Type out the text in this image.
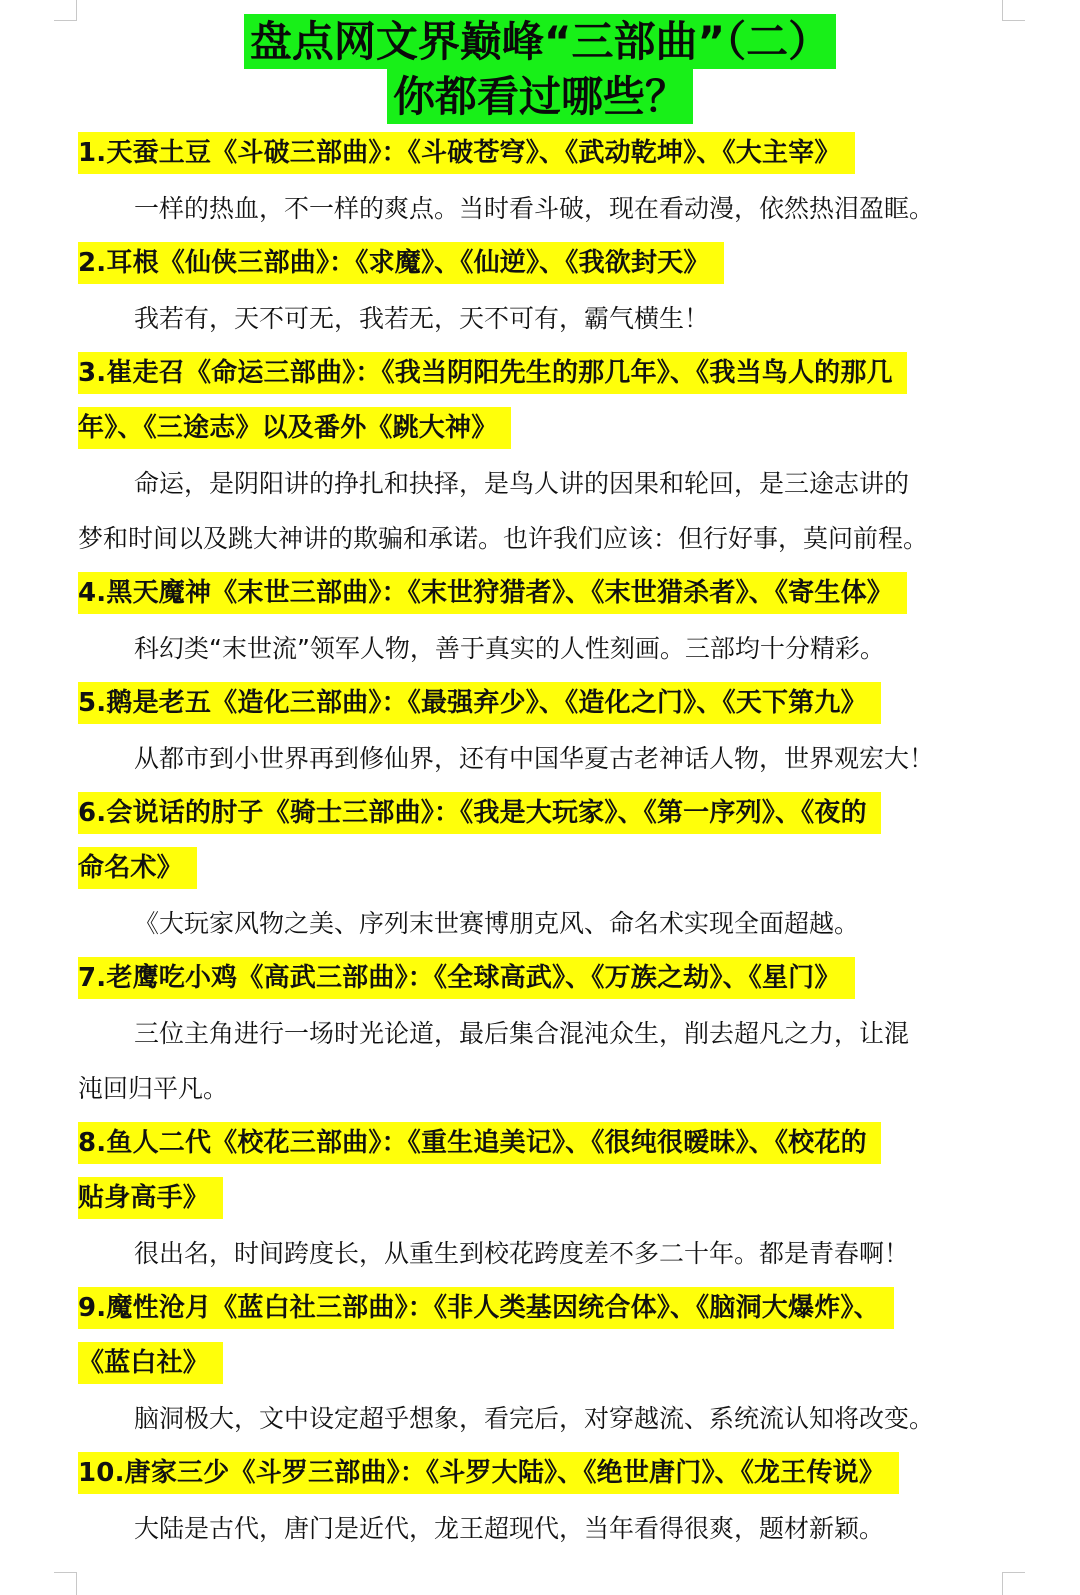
盘点网文界巅峰“三部曲”（二）
你都看过哪些？
1.天蚕土豆《斗破三部曲》：《斗破苍穹》、《武动乾坤》、《大主宰》
一样的热血，不一样的爽点。当时看斗破，现在看动漫，依然热泪盈眶。
2.耳根《仙侠三部曲》：《求魔》、《仙逆》、《我欲封天》
我若有，天不可无，我若无，天不可有，霸气横生！
3.崔走召《命运三部曲》：《我当阴阳先生的那几年》、《我当鸟人的那几
年》、《三途志》以及番外《跳大神》
命运，是阴阳讲的挣扎和抉择，是鸟人讲的因果和轮回，是三途志讲的
梦和时间以及跳大神讲的欺骗和承诺。也许我们应该：但行好事，莫问前程。
4.黑天魔神《末世三部曲》：《末世狩猎者》、《末世猎杀者》、《寄生体》
科幻类“末世流”领军人物，善于真实的人性刻画。三部均十分精彩。
5.鹅是老五《造化三部曲》：《最强弃少》、《造化之门》、《天下第九》
从都市到小世界再到修仙界，还有中国华夏古老神话人物，世界观宏大！
6.会说话的肘子《骑士三部曲》：《我是大玩家》、《第一序列》、《夜的
命名术》
《大玩家风物之美、序列末世赛博朋克风、命名术实现全面超越。
7.老鹰吃小鸡《高武三部曲》：《全球高武》、《万族之劫》、《星门》
三位主角进行一场时光论道，最后集合混沌众生，削去超凡之力，让混
沌回归平凡。
8.鱼人二代《校花三部曲》：《重生追美记》、《很纯很暧昧》、《校花的
贴身高手》
很出名，时间跨度长，从重生到校花跨度差不多二十年。都是青春啊！
9.魔性沧月《蓝白社三部曲》：《非人类基因统合体》、《脑洞大爆炸》、
《蓝白社》
脑洞极大，文中设定超乎想象，看完后，对穿越流、系统流认知将改变。
10.唐家三少《斗罗三部曲》：《斗罗大陆》、《绝世唐门》、《龙王传说》
大陆是古代，唐门是近代，龙王超现代，当年看得很爽，题材新颖。
